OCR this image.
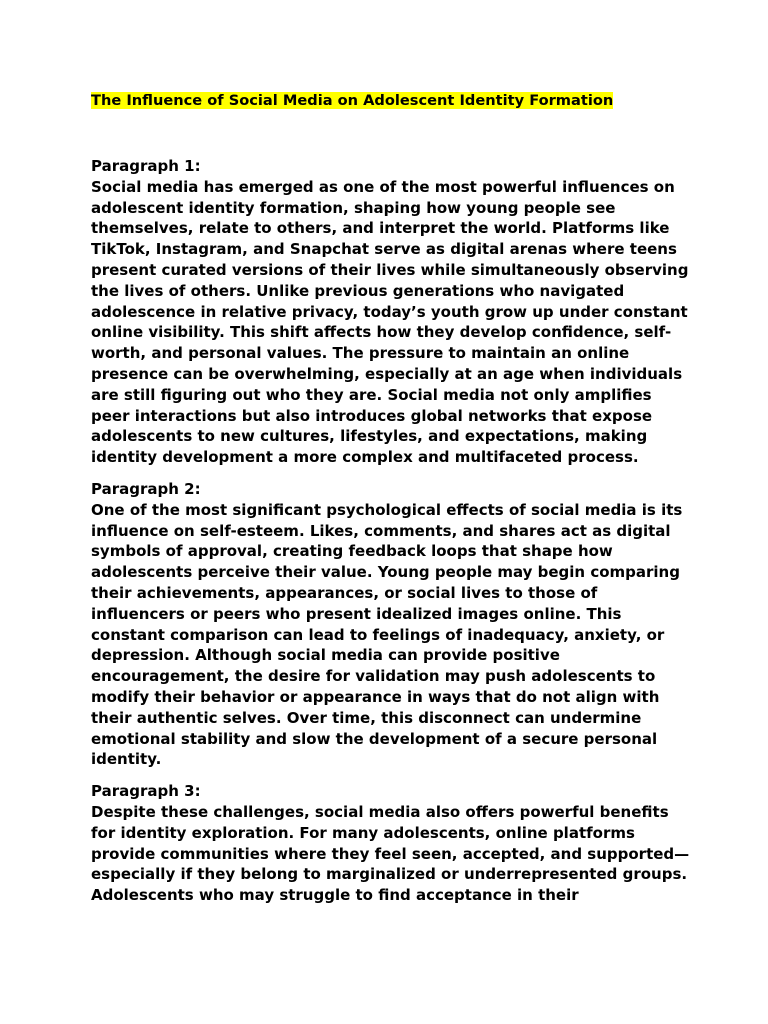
The Influence of Social Media on Adolescent Identity Formation

Paragraph 1:

Social media has emerged as one of the most powerful influences on adolescent identity formation, shaping how young people see themselves, relate to others, and interpret the world. Platforms like TikTok, Instagram, and Snapchat serve as digital arenas where teens present curated versions of their lives while simultaneously observing the lives of others. Unlike previous generations who navigated adolescence in relative privacy, today’s youth grow up under constant online visibility. This shift affects how they develop confidence, self-worth, and personal values. The pressure to maintain an online presence can be overwhelming, especially at an age when individuals are still figuring out who they are. Social media not only amplifies peer interactions but also introduces global networks that expose adolescents to new cultures, lifestyles, and expectations, making identity development a more complex and multifaceted process.

Paragraph 2:

One of the most significant psychological effects of social media is its influence on self-esteem. Likes, comments, and shares act as digital symbols of approval, creating feedback loops that shape how adolescents perceive their value. Young people may begin comparing their achievements, appearances, or social lives to those of influencers or peers who present idealized images online. This constant comparison can lead to feelings of inadequacy, anxiety, or depression. Although social media can provide positive encouragement, the desire for validation may push adolescents to modify their behavior or appearance in ways that do not align with their authentic selves. Over time, this disconnect can undermine emotional stability and slow the development of a secure personal identity.

Paragraph 3:

Despite these challenges, social media also offers powerful benefits for identity exploration. For many adolescents, online platforms provide communities where they feel seen, accepted, and supported—especially if they belong to marginalized or underrepresented groups. Adolescents who may struggle to find acceptance in their
